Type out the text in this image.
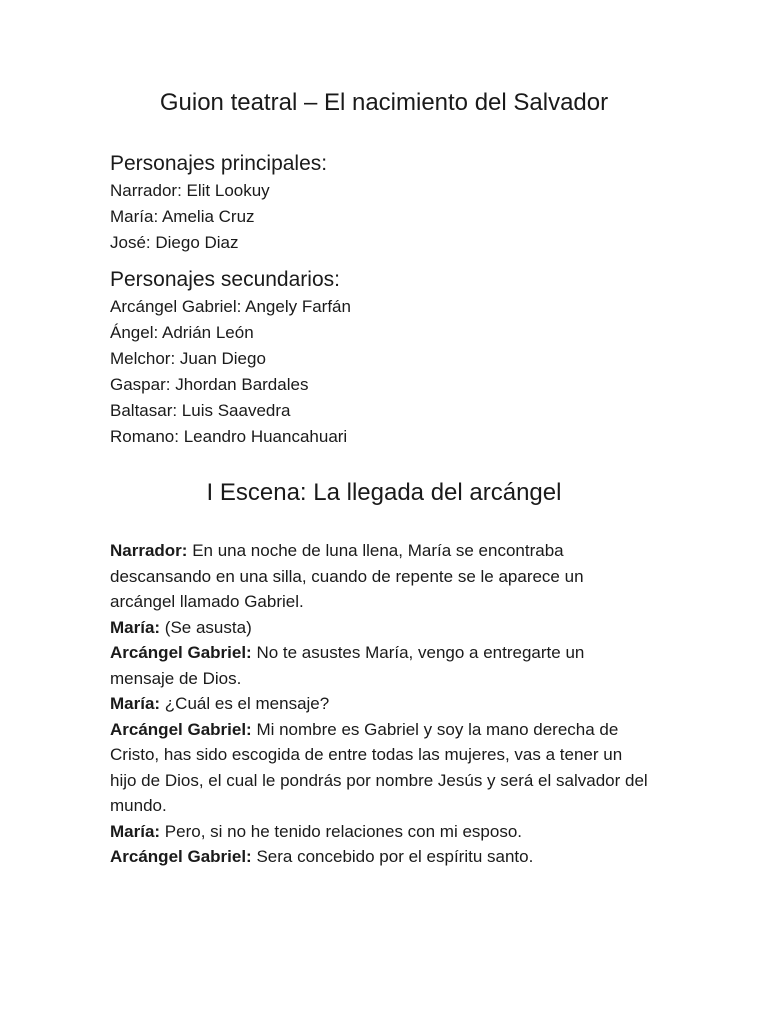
Guion teatral – El nacimiento del Salvador
Personajes principales:
Narrador: Elit Lookuy
María: Amelia Cruz
José: Diego Diaz
Personajes secundarios:
Arcángel Gabriel: Angely Farfán
Ángel: Adrián León
Melchor: Juan Diego
Gaspar: Jhordan Bardales
Baltasar: Luis Saavedra
Romano: Leandro Huancahuari
I Escena: La llegada del arcángel

Narrador: En una noche de luna llena, María se encontraba descansando en una silla, cuando de repente se le aparece un arcángel llamado Gabriel.

María: (Se asusta)

Arcángel Gabriel: No te asustes María, vengo a entregarte un mensaje de Dios.

María: ¿Cuál es el mensaje?

Arcángel Gabriel: Mi nombre es Gabriel y soy la mano derecha de Cristo, has sido escogida de entre todas las mujeres, vas a tener un hijo de Dios, el cual le pondrás por nombre Jesús y será el salvador del mundo.

María: Pero, si no he tenido relaciones con mi esposo.

Arcángel Gabriel: Sera concebido por el espíritu santo.
